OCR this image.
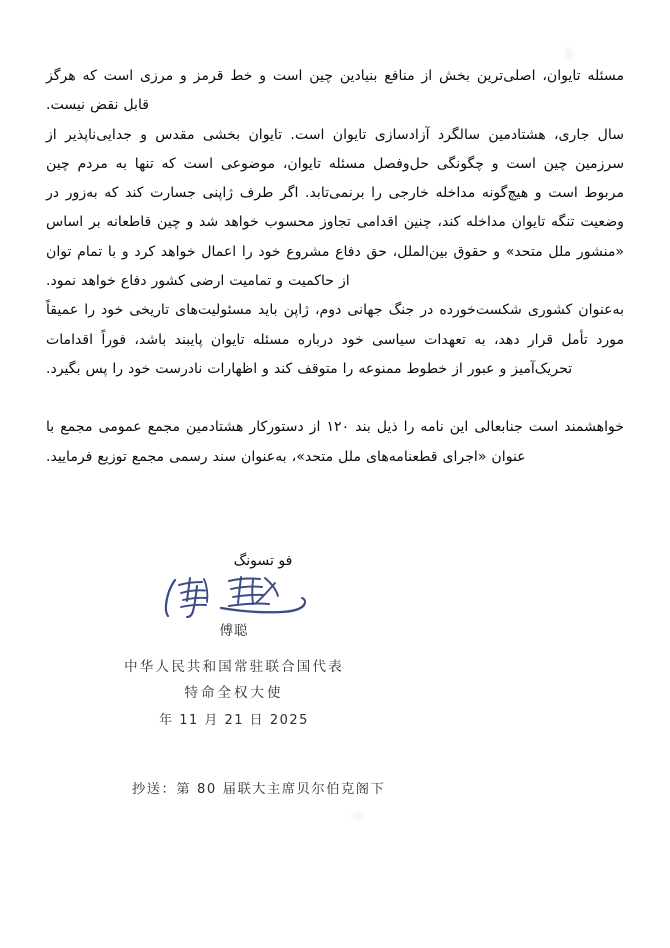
مسئله تایوان، اصلی‌ترین بخش از منافع بنیادین چین است و خط قرمز و مرزی است که هرگز قابل نقض نیست.

سال جاری، هشتادمین سالگرد آزادسازی تایوان است. تایوان بخشی مقدس و جدایی‌ناپذیر از سرزمین چین است و چگونگی حل‌وفصل مسئله تایوان، موضوعی است که تنها به مردم چین مربوط است و هیچ‌گونه مداخله خارجی را برنمی‌تابد. اگر طرف ژاپنی جسارت کند که به‌زور در وضعیت تنگه تایوان مداخله کند، چنین اقدامی تجاوز محسوب خواهد شد و چین قاطعانه بر اساس «منشور ملل متحد» و حقوق بین‌الملل، حق دفاع مشروع خود را اعمال خواهد کرد و با تمام توان از حاکمیت و تمامیت ارضی کشور دفاع خواهد نمود.

به‌عنوان کشوری شکست‌خورده در جنگ جهانی دوم، ژاپن باید مسئولیت‌های تاریخی خود را عمیقاً مورد تأمل قرار دهد، به تعهدات سیاسی خود درباره مسئله تایوان پایبند باشد، فوراً اقدامات تحریک‌آمیز و عبور از خطوط ممنوعه را متوقف کند و اظهارات نادرست خود را پس بگیرد.

خواهشمند است جنابعالی این نامه را ذیل بند ۱۲۰ از دستورکار هشتادمین مجمع عمومی مجمع با عنوان «اجرای قطعنامه‌های ملل متحد»، به‌عنوان سند رسمی مجمع توزیع فرمایید.

فو تسونگ

傅聪

中华人民共和国常驻联合国代表

特命全权大使

2025 年 11 月 21 日

抄送：第 80 届联大主席贝尔伯克阁下
